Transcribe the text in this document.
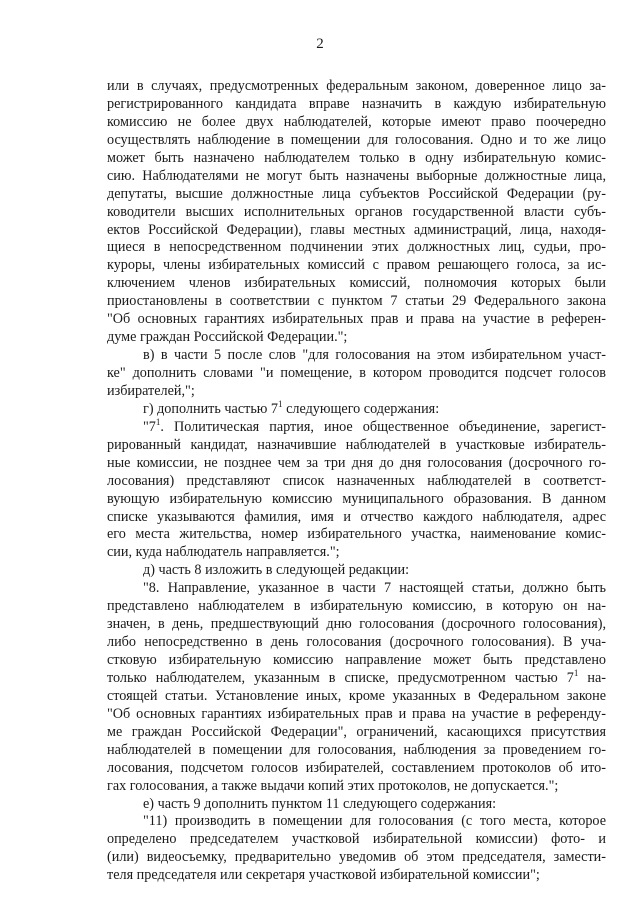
2
или в случаях, предусмотренных федеральным законом, доверенное лицо за-
регистрированного кандидата вправе назначить в каждую избирательную
комиссию не более двух наблюдателей, которые имеют право поочередно
осуществлять наблюдение в помещении для голосования. Одно и то же лицо
может быть назначено наблюдателем только в одну избирательную комис-
сию. Наблюдателями не могут быть назначены выборные должностные лица,
депутаты, высшие должностные лица субъектов Российской Федерации (ру-
ководители высших исполнительных органов государственной власти субъ-
ектов Российской Федерации), главы местных администраций, лица, находя-
щиеся в непосредственном подчинении этих должностных лиц, судьи, про-
куроры, члены избирательных комиссий с правом решающего голоса, за ис-
ключением членов избирательных комиссий, полномочия которых были
приостановлены в соответствии с пунктом 7 статьи 29 Федерального закона
"Об основных гарантиях избирательных прав и права на участие в референ-
думе граждан Российской Федерации.";
в) в части 5 после слов "для голосования на этом избирательном участ-
ке" дополнить словами "и помещение, в котором проводится подсчет голосов
избирателей,";
г) дополнить частью $7^1$ следующего содержания:
"$7^1$. Политическая партия, иное общественное объединение, зарегист-
рированный кандидат, назначившие наблюдателей в участковые избиратель-
ные комиссии, не позднее чем за три дня до дня голосования (досрочного го-
лосования) представляют список назначенных наблюдателей в соответст-
вующую избирательную комиссию муниципального образования. В данном
списке указываются фамилия, имя и отчество каждого наблюдателя, адрес
его места жительства, номер избирательного участка, наименование комис-
сии, куда наблюдатель направляется.";
д) часть 8 изложить в следующей редакции:
"8. Направление, указанное в части 7 настоящей статьи, должно быть
представлено наблюдателем в избирательную комиссию, в которую он на-
значен, в день, предшествующий дню голосования (досрочного голосования),
либо непосредственно в день голосования (досрочного голосования). В уча-
стковую избирательную комиссию направление может быть представлено
только наблюдателем, указанным в списке, предусмотренном частью $7^1$ на-
стоящей статьи. Установление иных, кроме указанных в Федеральном законе
"Об основных гарантиях избирательных прав и права на участие в референду-
ме граждан Российской Федерации", ограничений, касающихся присутствия
наблюдателей в помещении для голосования, наблюдения за проведением го-
лосования, подсчетом голосов избирателей, составлением протоколов об ито-
гах голосования, а также выдачи копий этих протоколов, не допускается.";
е) часть 9 дополнить пунктом 11 следующего содержания:
"11) производить в помещении для голосования (с того места, которое
определено председателем участковой избирательной комиссии) фото- и
(или) видеосъемку, предварительно уведомив об этом председателя, замести-
теля председателя или секретаря участковой избирательной комиссии";
